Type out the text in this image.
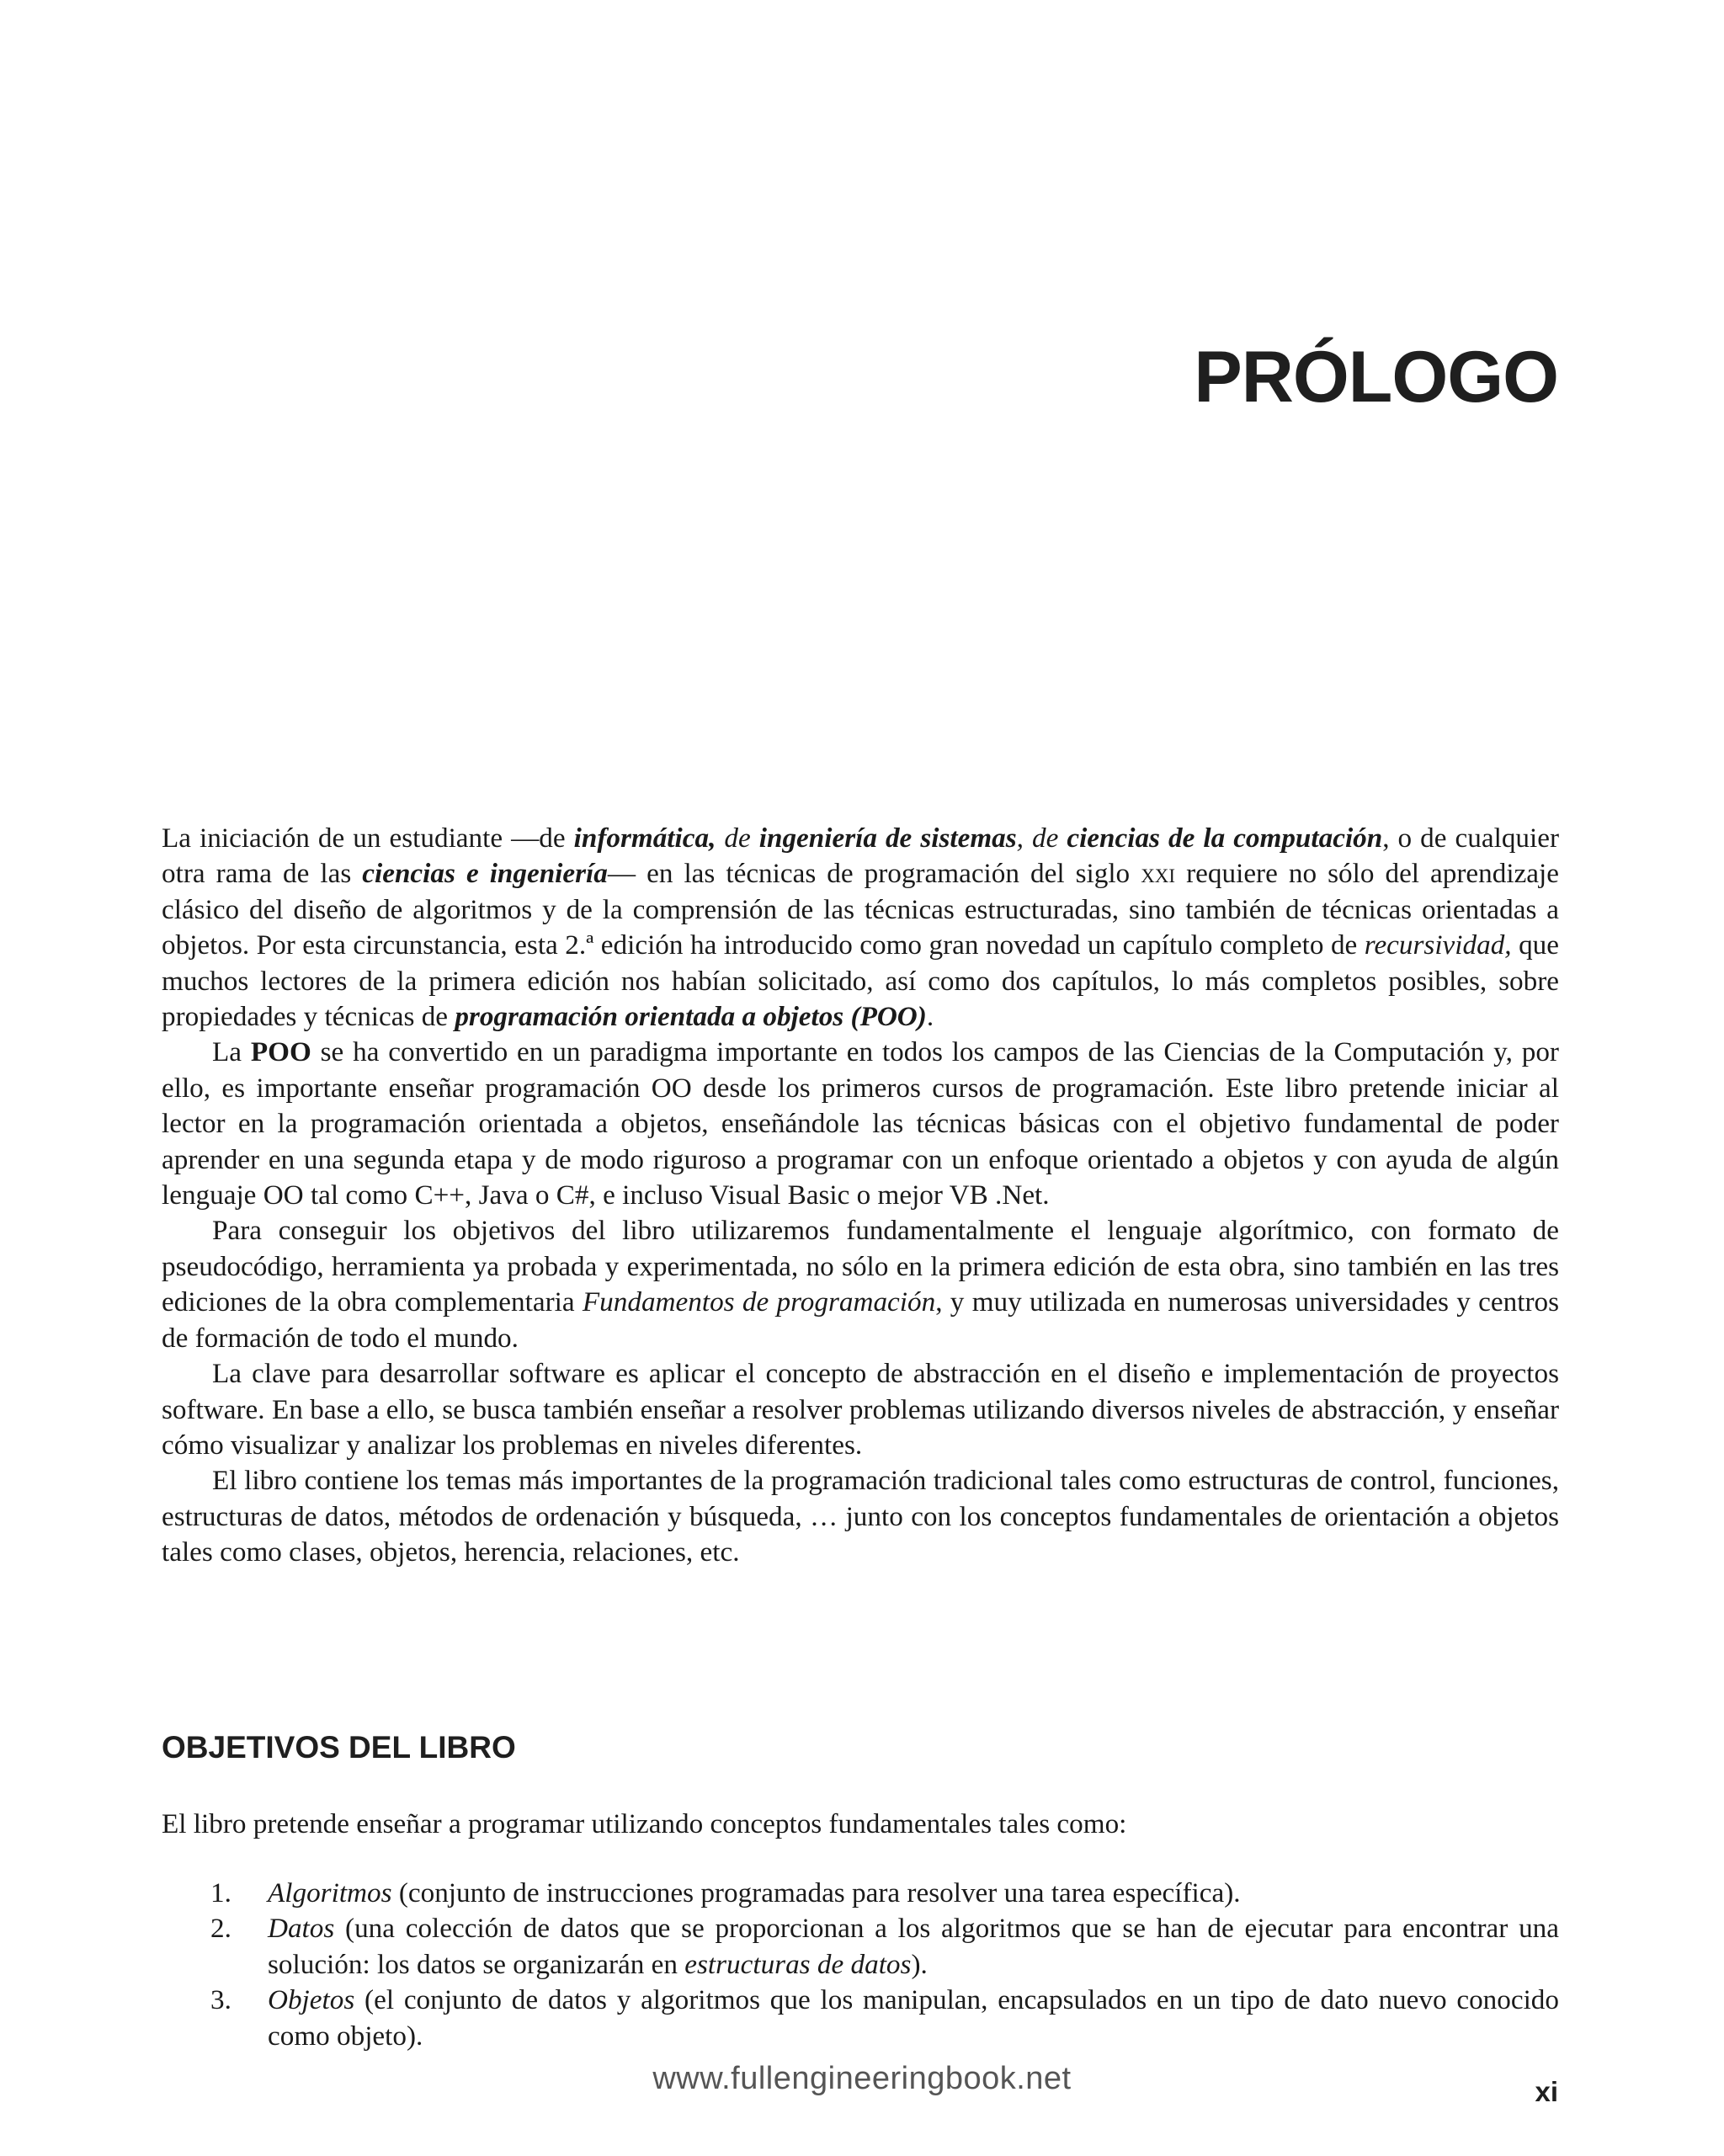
PRÓLOGO

La iniciación de un estudiante —de informática, de ingeniería de sistemas, de ciencias de la computación, o de cualquier otra rama de las ciencias e ingeniería— en las técnicas de programación del siglo xxi requiere no sólo del aprendizaje clásico del diseño de algoritmos y de la comprensión de las técnicas estructuradas, sino también de técnicas orientadas a objetos. Por esta circunstancia, esta 2.ª edición ha introducido como gran novedad un capítulo completo de recursividad, que muchos lectores de la primera edición nos habían solicitado, así como dos capítulos, lo más completos posibles, sobre propiedades y técnicas de programación orientada a objetos (POO).

La POO se ha convertido en un paradigma importante en todos los campos de las Ciencias de la Computación y, por ello, es importante enseñar programación OO desde los primeros cursos de programación. Este libro pretende iniciar al lector en la programación orientada a objetos, enseñándole las técnicas básicas con el objetivo fundamental de poder aprender en una segunda etapa y de modo riguroso a programar con un enfoque orientado a objetos y con ayuda de algún lenguaje OO tal como C++, Java o C#, e incluso Visual Basic o mejor VB .Net.

Para conseguir los objetivos del libro utilizaremos fundamentalmente el lenguaje algorítmico, con formato de pseudocódigo, herramienta ya probada y experimentada, no sólo en la primera edición de esta obra, sino también en las tres ediciones de la obra complementaria Fundamentos de programación, y muy utilizada en numerosas universidades y centros de formación de todo el mundo.

La clave para desarrollar software es aplicar el concepto de abstracción en el diseño e implementación de proyectos software. En base a ello, se busca también enseñar a resolver problemas utilizando diversos niveles de abstracción, y enseñar cómo visualizar y analizar los problemas en niveles diferentes.

El libro contiene los temas más importantes de la programación tradicional tales como estructuras de control, funciones, estructuras de datos, métodos de ordenación y búsqueda, … junto con los conceptos fundamentales de orientación a objetos tales como clases, objetos, herencia, relaciones, etc.

OBJETIVOS DEL LIBRO

El libro pretende enseñar a programar utilizando conceptos fundamentales tales como:

1.	Algoritmos (conjunto de instrucciones programadas para resolver una tarea específica).
2.	Datos (una colección de datos que se proporcionan a los algoritmos que se han de ejecutar para encontrar una solución: los datos se organizarán en estructuras de datos).
3.	Objetos (el conjunto de datos y algoritmos que los manipulan, encapsulados en un tipo de dato nuevo conocido como objeto).
www.fullengineeringbook.net	xi
